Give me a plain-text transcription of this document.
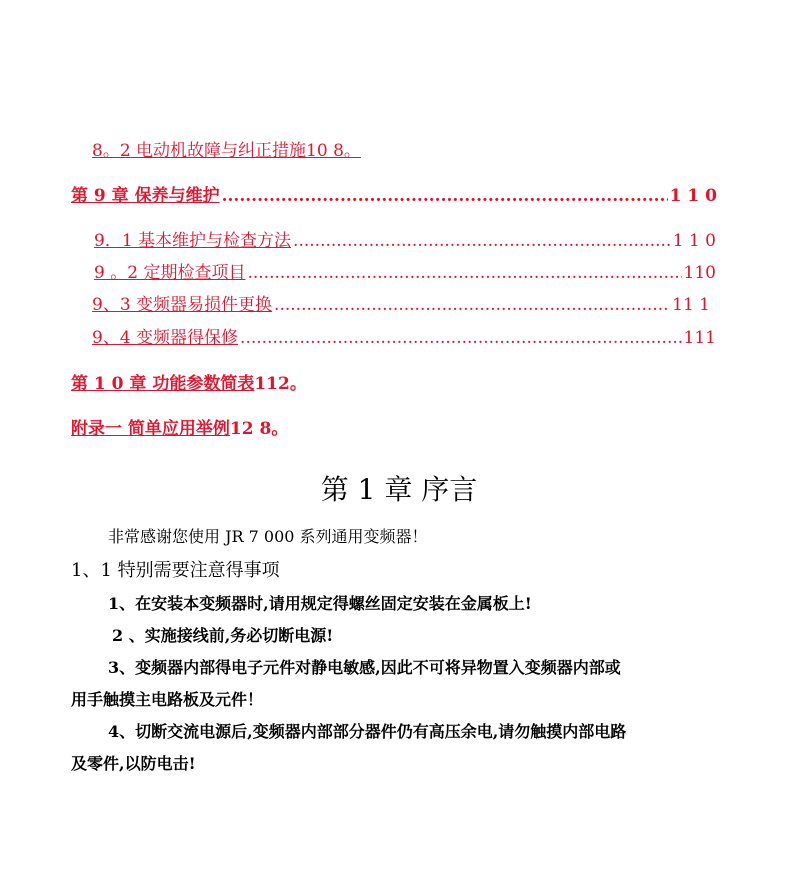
8。2 电动机故障与纠正措施 10 8。
第 9 章 保养与维护 .....	1 1 0
9．1 基本维护与检查方法 .....	1 1 0
9 。2 定期检查项目 .....	110
9、3 变频器易损件更换 .....	11 1
9、4 变频器得保修 .....	111
第 1 0 章 功能参数简表 112。
附录一 简单应用举例 12 8。
第 1 章 序言
非常感谢您使用 JR 7 000 系列通用变频器！
1、1 特别需要注意得事项
1、在安装本变频器时,请用规定得螺丝固定安装在金属板上!
2 、实施接线前,务必切断电源!
3、变频器内部得电子元件对静电敏感,因此不可将异物置入变频器内部或
用手触摸主电路板及元件！
4、切断交流电源后,变频器内部部分器件仍有高压余电,请勿触摸内部电路
及零件,以防电击!
